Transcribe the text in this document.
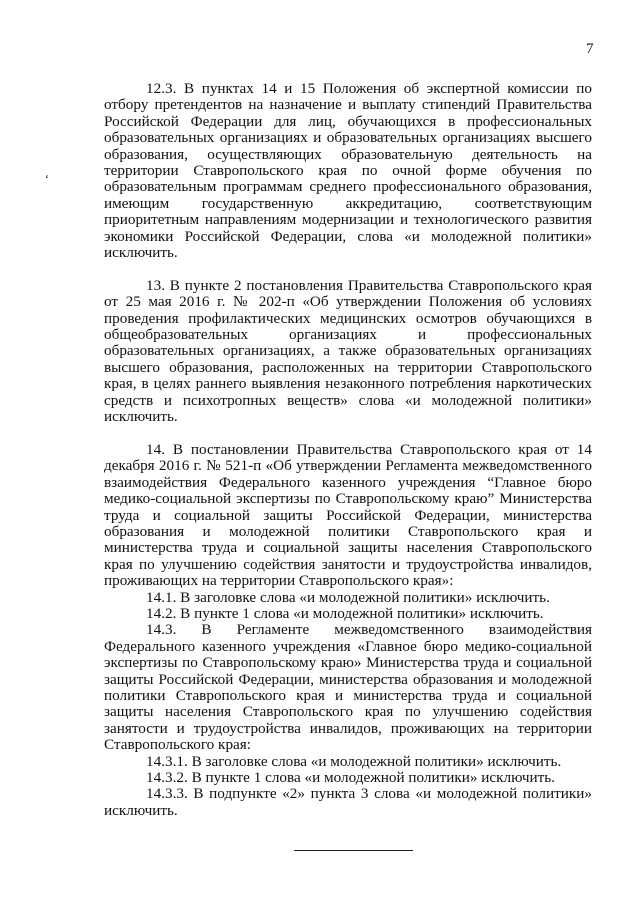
7
‘

12.3. В пунктах 14 и 15 Положения об экспертной комиссии по отбору претендентов на назначение и выплату стипендий Правительства Российской Федерации для лиц, обучающихся в профессиональных образовательных организациях и образовательных организациях высшего образования, осуществляющих образовательную деятельность на территории Ставропольского края по очной форме обучения по образовательным программам среднего профессионального образования, имеющим государственную аккредитацию, соответствующим приоритетным направлениям модернизации и технологического развития экономики Российской Федерации, слова «и молодежной политики» исключить.

13. В пункте 2 постановления Правительства Ставропольского края от 25 мая 2016 г. № 202-п «Об утверждении Положения об условиях проведения профилактических медицинских осмотров обучающихся в общеобразовательных организациях и профессиональных образовательных организациях, а также образовательных организациях высшего образования, расположенных на территории Ставропольского края, в целях раннего выявления незаконного потребления наркотических средств и психотропных веществ» слова «и молодежной политики» исключить.

14. В постановлении Правительства Ставропольского края от 14 декабря 2016 г. № 521-п «Об утверждении Регламента межведомственного взаимодействия Федерального казенного учреждения “Главное бюро медико-социальной экспертизы по Ставропольскому краю” Министерства труда и социальной защиты Российской Федерации, министерства образования и молодежной политики Ставропольского края и министерства труда и социальной защиты населения Ставропольского края по улучшению содействия занятости и трудоустройства инвалидов, проживающих на территории Ставропольского края»:

14.1. В заголовке слова «и молодежной политики» исключить.

14.2. В пункте 1 слова «и молодежной политики» исключить.

14.3. В Регламенте межведомственного взаимодействия Федерального казенного учреждения «Главное бюро медико-социальной экспертизы по Ставропольскому краю» Министерства труда и социальной защиты Российской Федерации, министерства образования и молодежной политики Ставропольского края и министерства труда и социальной защиты населения Ставропольского края по улучшению содействия занятости и трудоустройства инвалидов, проживающих на территории Ставропольского края:

14.3.1. В заголовке слова «и молодежной политики» исключить.

14.3.2. В пункте 1 слова «и молодежной политики» исключить.

14.3.3. В подпункте «2» пункта 3 слова «и молодежной политики» исключить.
